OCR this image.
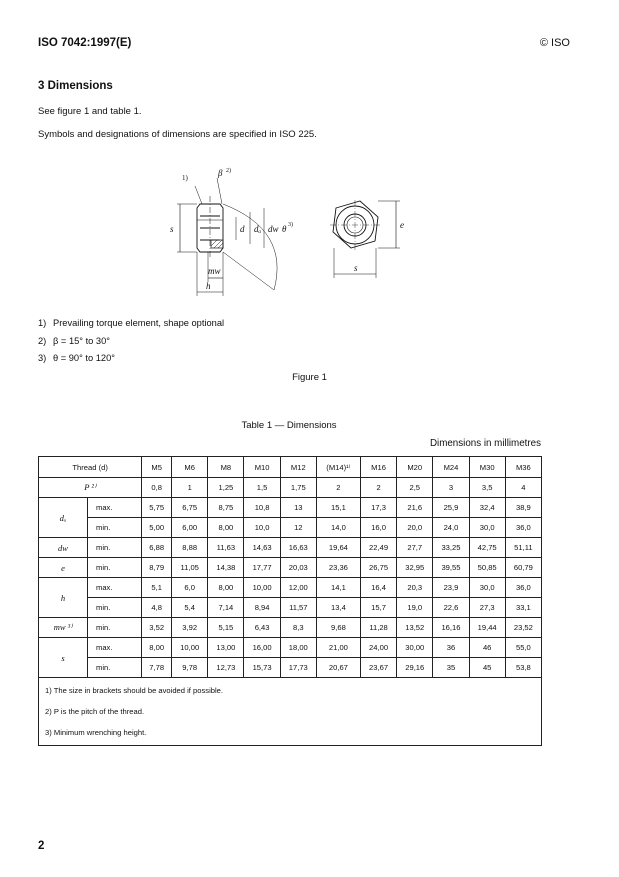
ISO 7042:1997(E)	© ISO
3 Dimensions
See figure 1 and table 1.
Symbols and designations of dimensions are specified in ISO 225.
1)	β 2)
s	d dₐ dw θ 3)
mw
h
e
s
1) Prevailing torque element, shape optional
2) β = 15° to 30°
3) θ = 90° to 120°
Figure 1
Table 1 — Dimensions
Dimensions in millimetres
Thread (d)		M5	M6	M8	M10	M12	(M14)¹⁾	M16	M20	M24	M30	M36
P ²⁾		0,8	1	1,25	1,5	1,75	2	2	2,5	3	3,5	4
dₐ	max.	5,75	6,75	8,75	10,8	13	15,1	17,3	21,6	25,9	32,4	38,9
	min.	5,00	6,00	8,00	10,0	12	14,0	16,0	20,0	24,0	30,0	36,0
dw	min.	6,88	8,88	11,63	14,63	16,63	19,64	22,49	27,7	33,25	42,75	51,11
e	min.	8,79	11,05	14,38	17,77	20,03	23,36	26,75	32,95	39,55	50,85	60,79
h	max.	5,1	6,0	8,00	10,00	12,00	14,1	16,4	20,3	23,9	30,0	36,0
	min.	4,8	5,4	7,14	8,94	11,57	13,4	15,7	19,0	22,6	27,3	33,1
mw ³⁾	min.	3,52	3,92	5,15	6,43	8,3	9,68	11,28	13,52	16,16	19,44	23,52
s	max.	8,00	10,00	13,00	16,00	18,00	21,00	24,00	30,00	36	46	55,0
	min.	7,78	9,78	12,73	15,73	17,73	20,67	23,67	29,16	35	45	53,8

1) The size in brackets should be avoided if possible.
2) P is the pitch of the thread.
3) Minimum wrenching height.												
2
